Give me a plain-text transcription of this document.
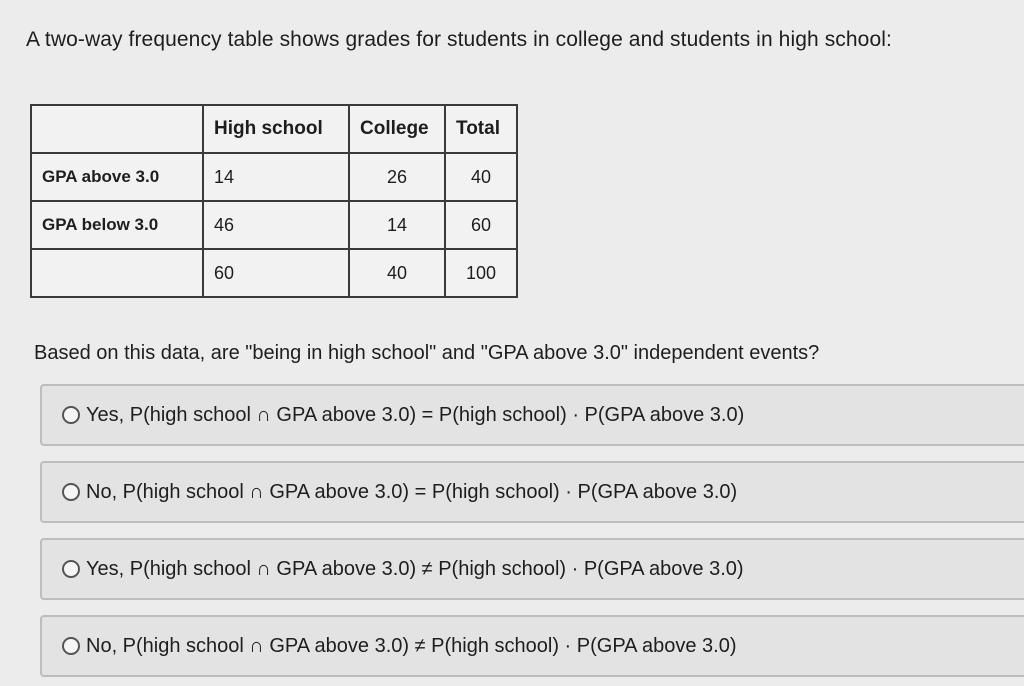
A two-way frequency table shows grades for students in college and students in high school:
	High school	College	Total
GPA above 3.0	14	26	40
GPA below 3.0	46	14	60
	60	40	100
Based on this data, are "being in high school" and "GPA above 3.0" independent events?
Yes, P(high school ∩ GPA above 3.0) = P(high school) · P(GPA above 3.0)
No, P(high school ∩ GPA above 3.0) = P(high school) · P(GPA above 3.0)
Yes, P(high school ∩ GPA above 3.0) ≠ P(high school) · P(GPA above 3.0)
No, P(high school ∩ GPA above 3.0) ≠ P(high school) · P(GPA above 3.0)
